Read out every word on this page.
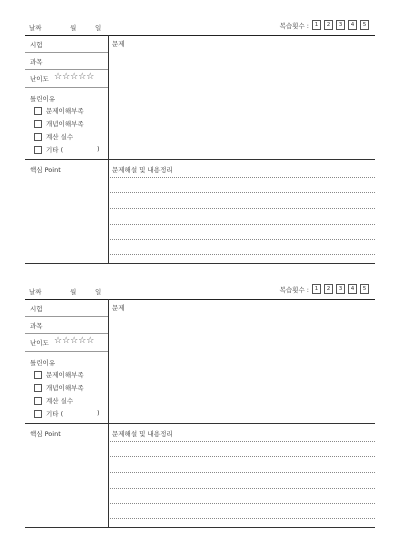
날짜	월	일	복습횟수 :	1	2	3	4	5
시험
과목
난이도 ☆☆☆☆☆
틀린이유
문제이해부족
개념이해부족
계산 실수
기타 (	)
문제
핵심 Point	문제해설 및 내용정리
날짜	월	일	복습횟수 :	1	2	3	4	5
시험
과목
난이도 ☆☆☆☆☆
틀린이유
문제이해부족
개념이해부족
계산 실수
기타 (	)
문제
핵심 Point	문제해설 및 내용정리
